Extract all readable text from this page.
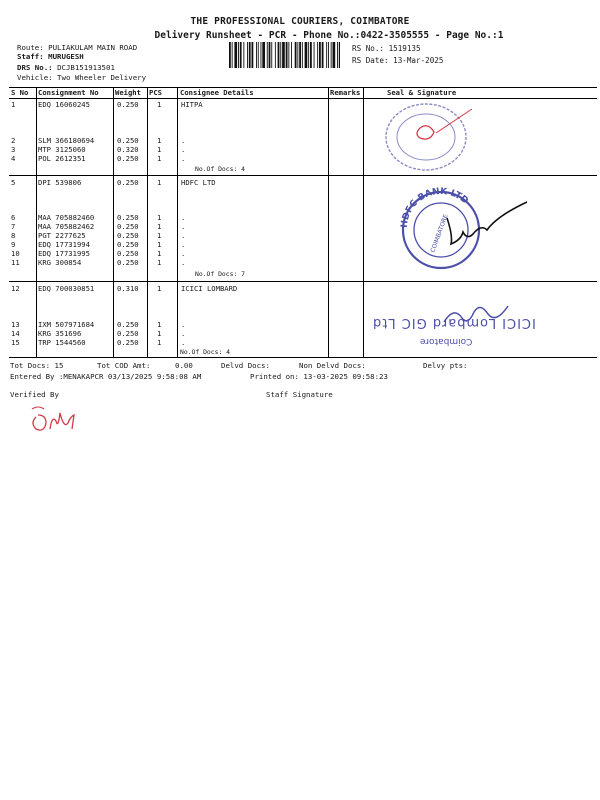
THE PROFESSIONAL COURIERS, COIMBATORE
Delivery Runsheet - PCR - Phone No.:0422-3505555 - Page No.:1
Route: PULIAKULAM MAIN ROAD
Staff: MURUGESH
DRS No.: DCJB151913501
Vehicle: Two Wheeler Delivery
RS No.: 1519135
RS Date: 13-Mar-2025
S No Consignment No Weight PCS	Consignee Details	Remarks	Seal & Signature
1	EDQ 16060245	0.250	1	HITPA
2	SLM 366180694	0.250	1	.
3	MTP 3125060	0.320	1	.
4	POL 2612351	0.250	1	.
No.Of Docs: 4
5	DPI 539806	0.250	1	HDFC LTD
6	MAA 705882460	0.250	1	.
7	MAA 705882462	0.250	1	.
8	PGT 2277625	0.250	1	.
9	EDQ 17731994	0.250	1	.
10	EDQ 17731995	0.250	1	.
11	KRG 300854	0.250	1	.
No.Of Docs: 7
12	EDQ 700030851	0.310	1	ICICI LOMBARD
13	IXM 507971684	0.250	1	.
14	KRG 351696	0.250	1	.
15	TRP 1544560	0.250	1	.
No.Of Docs: 4
HDFC BANK LTD
COIMBATORE
ICICI Lombard GIC Ltd
Coimbatore
Tot Docs: 15	Tot COD Amt:	0.00	Delvd Docs:	Non Delvd Docs:	Delvy pts:
Entered By :MENAKAPCR 03/13/2025 9:58:08 AM	Printed on: 13-03-2025 09:58:23
Verified By	Staff Signature
